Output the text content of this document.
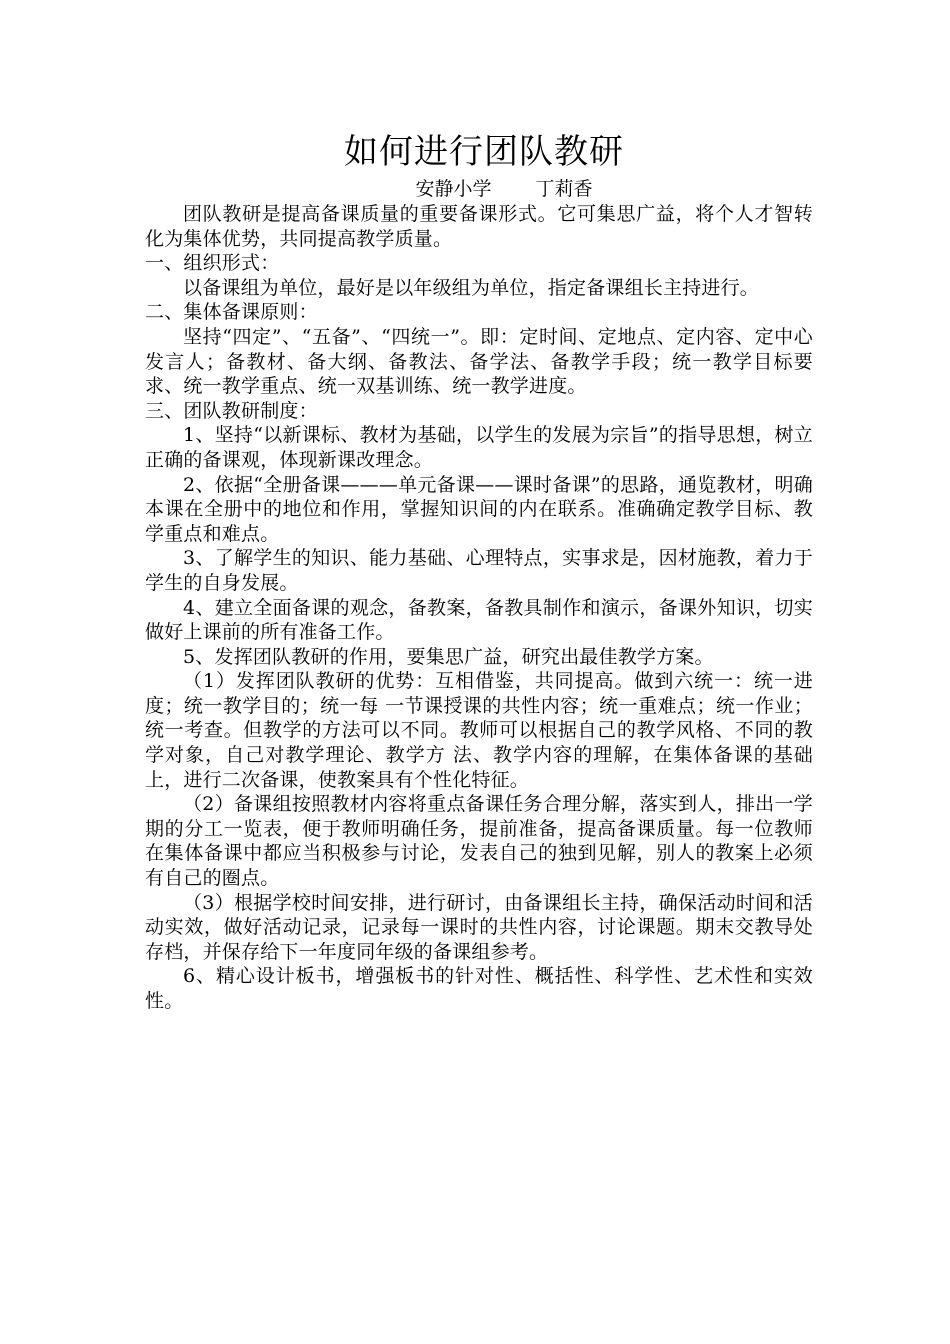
如何进行团队教研

安静小学　　 丁莉香

团队教研是提高备课质量的重要备课形式。它可集思广益，将个人才智转化为集体优势，共同提高教学质量。

一、组织形式：

以备课组为单位，最好是以年级组为单位，指定备课组长主持进行。

二、集体备课原则：

坚持“四定”、“五备”、“四统一”。即：定时间、定地点、定内容、定中心发言人；备教材、备大纲、备教法、备学法、备教学手段；统一教学目标要求、统一教学重点、统一双基训练、统一教学进度。

三、团队教研制度：

1、坚持“以新课标、教材为基础，以学生的发展为宗旨”的指导思想，树立正确的备课观，体现新课改理念。

2、依据“全册备课———单元备课——课时备课”的思路，通览教材，明确本课在全册中的地位和作用，掌握知识间的内在联系。准确确定教学目标、教学重点和难点。

3、了解学生的知识、能力基础、心理特点，实事求是，因材施教，着力于学生的自身发展。

4、建立全面备课的观念，备教案，备教具制作和演示，备课外知识，切实做好上课前的所有准备工作。

5、发挥团队教研的作用，要集思广益，研究出最佳教学方案。

（1）发挥团队教研的优势：互相借鉴，共同提高。做到六统一：统一进度；统一教学目的；统一每 一节课授课的共性内容；统一重难点；统一作业；统一考查。但教学的方法可以不同。教师可以根据自己的教学风格、不同的教学对象，自己对教学理论、教学方 法、教学内容的理解，在集体备课的基础上，进行二次备课，使教案具有个性化特征。

（2）备课组按照教材内容将重点备课任务合理分解，落实到人，排出一学期的分工一览表，便于教师明确任务，提前准备，提高备课质量。每一位教师在集体备课中都应当积极参与讨论，发表自己的独到见解，别人的教案上必须有自己的圈点。

（3）根据学校时间安排，进行研讨，由备课组长主持，确保活动时间和活动实效，做好活动记录，记录每一课时的共性内容，讨论课题。期末交教导处存档，并保存给下一年度同年级的备课组参考。

6、精心设计板书，增强板书的针对性、概括性、科学性、艺术性和实效性。
